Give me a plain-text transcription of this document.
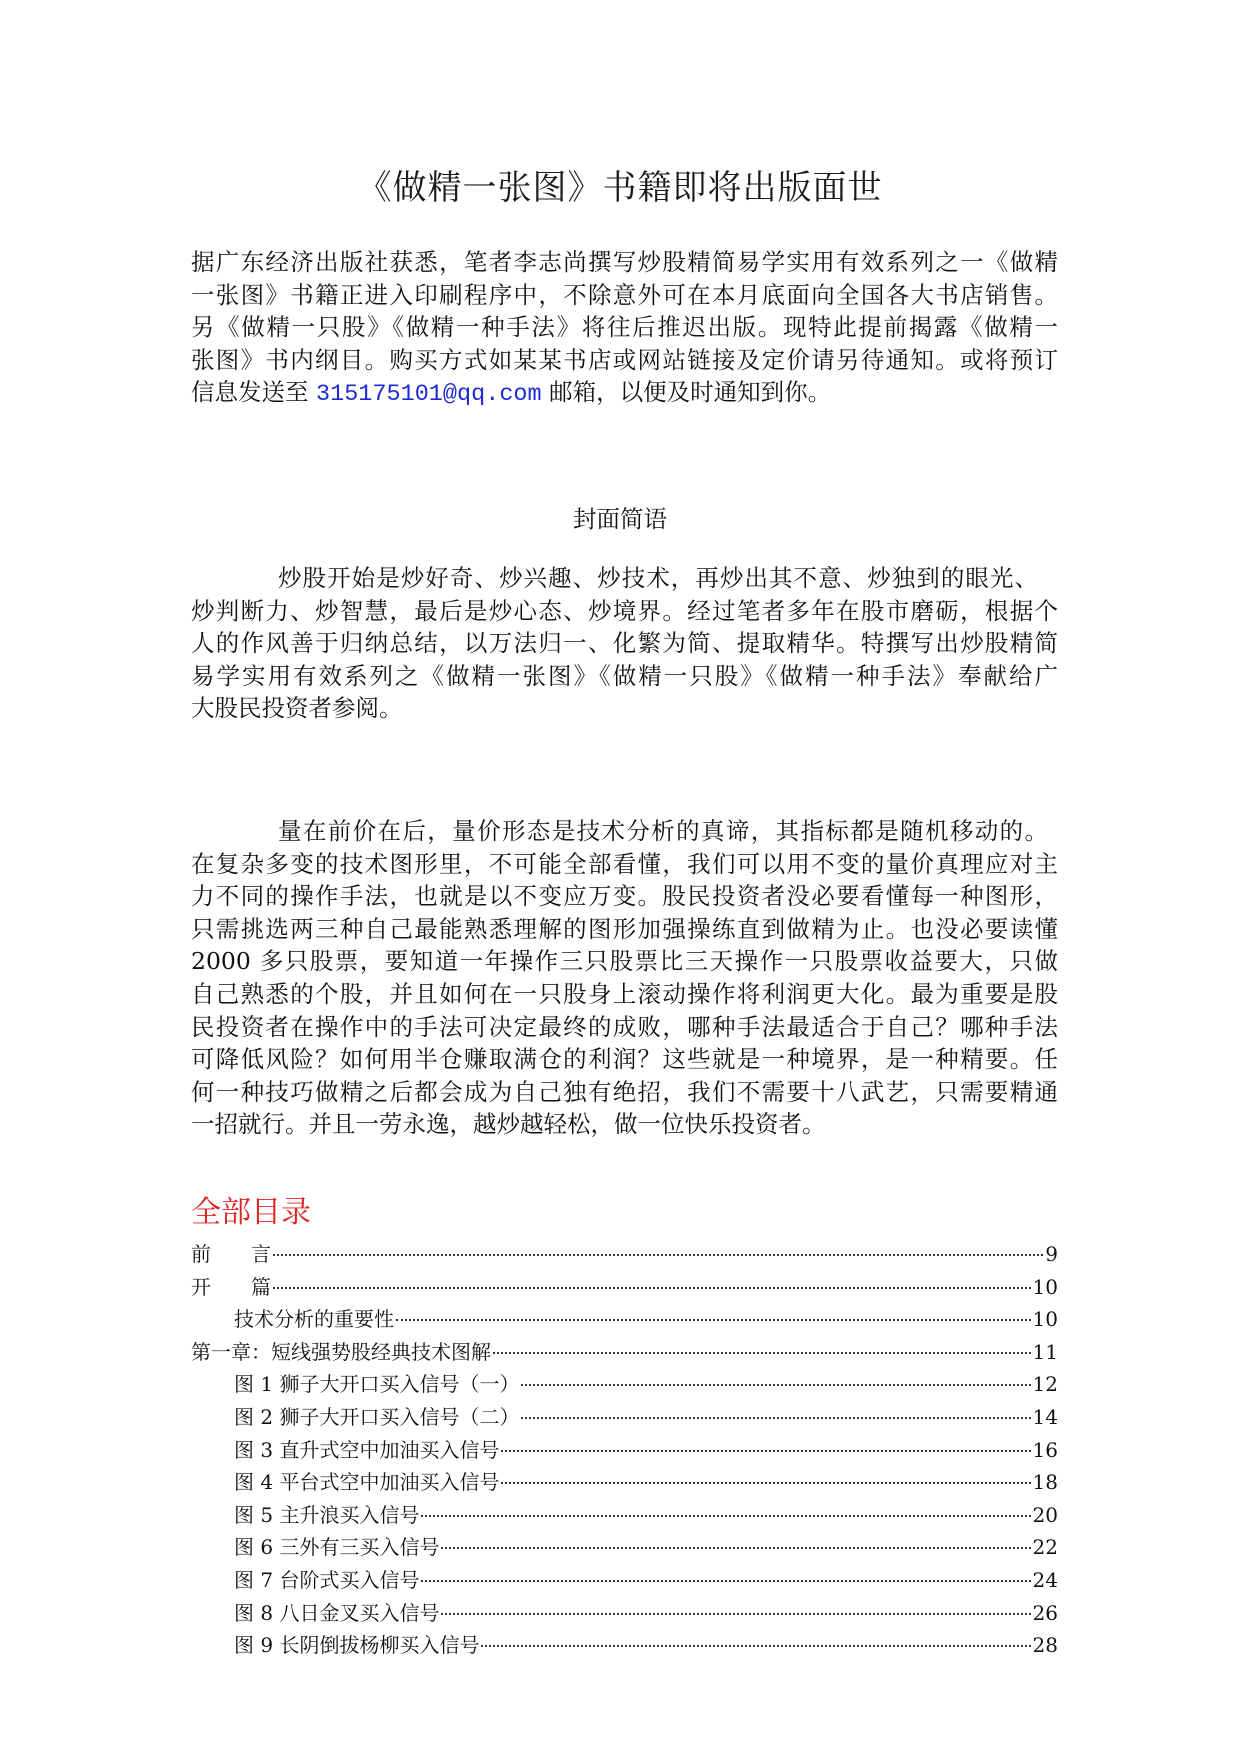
《做精一张图》书籍即将出版面世
据广东经济出版社获悉，笔者李志尚撰写炒股精简易学实用有效系列之一《做精
一张图》书籍正进入印刷程序中，不除意外可在本月底面向全国各大书店销售。
另《做精一只股》《做精一种手法》将往后推迟出版。现特此提前揭露《做精一
张图》书内纲目。购买方式如某某书店或网站链接及定价请另待通知。或将预订
信息发送至 315175101@qq.com 邮箱，以便及时通知到你。
封面简语
炒股开始是炒好奇、炒兴趣、炒技术，再炒出其不意、炒独到的眼光、
炒判断力、炒智慧，最后是炒心态、炒境界。经过笔者多年在股市磨砺，根据个
人的作风善于归纳总结，以万法归一、化繁为简、提取精华。特撰写出炒股精简
易学实用有效系列之《做精一张图》《做精一只股》《做精一种手法》奉献给广
大股民投资者参阅。
量在前价在后，量价形态是技术分析的真谛，其指标都是随机移动的。
在复杂多变的技术图形里，不可能全部看懂，我们可以用不变的量价真理应对主
力不同的操作手法，也就是以不变应万变。股民投资者没必要看懂每一种图形，
只需挑选两三种自己最能熟悉理解的图形加强操练直到做精为止。也没必要读懂
2000 多只股票，要知道一年操作三只股票比三天操作一只股票收益要大，只做
自己熟悉的个股，并且如何在一只股身上滚动操作将利润更大化。最为重要是股
民投资者在操作中的手法可决定最终的成败，哪种手法最适合于自己？哪种手法
可降低风险？如何用半仓赚取满仓的利润？这些就是一种境界，是一种精要。任
何一种技巧做精之后都会成为自己独有绝招，我们不需要十八武艺，只需要精通
一招就行。并且一劳永逸，越炒越轻松，做一位快乐投资者。
全部目录
前　　言	9
开　　篇	10
技术分析的重要性	10
第一章：短线强势股经典技术图解	11
图 1 狮子大开口买入信号（一）	12
图 2 狮子大开口买入信号（二）	14
图 3 直升式空中加油买入信号	16
图 4 平台式空中加油买入信号	18
图 5 主升浪买入信号	20
图 6 三外有三买入信号	22
图 7 台阶式买入信号	24
图 8 八日金叉买入信号	26
图 9 长阴倒拔杨柳买入信号	28
